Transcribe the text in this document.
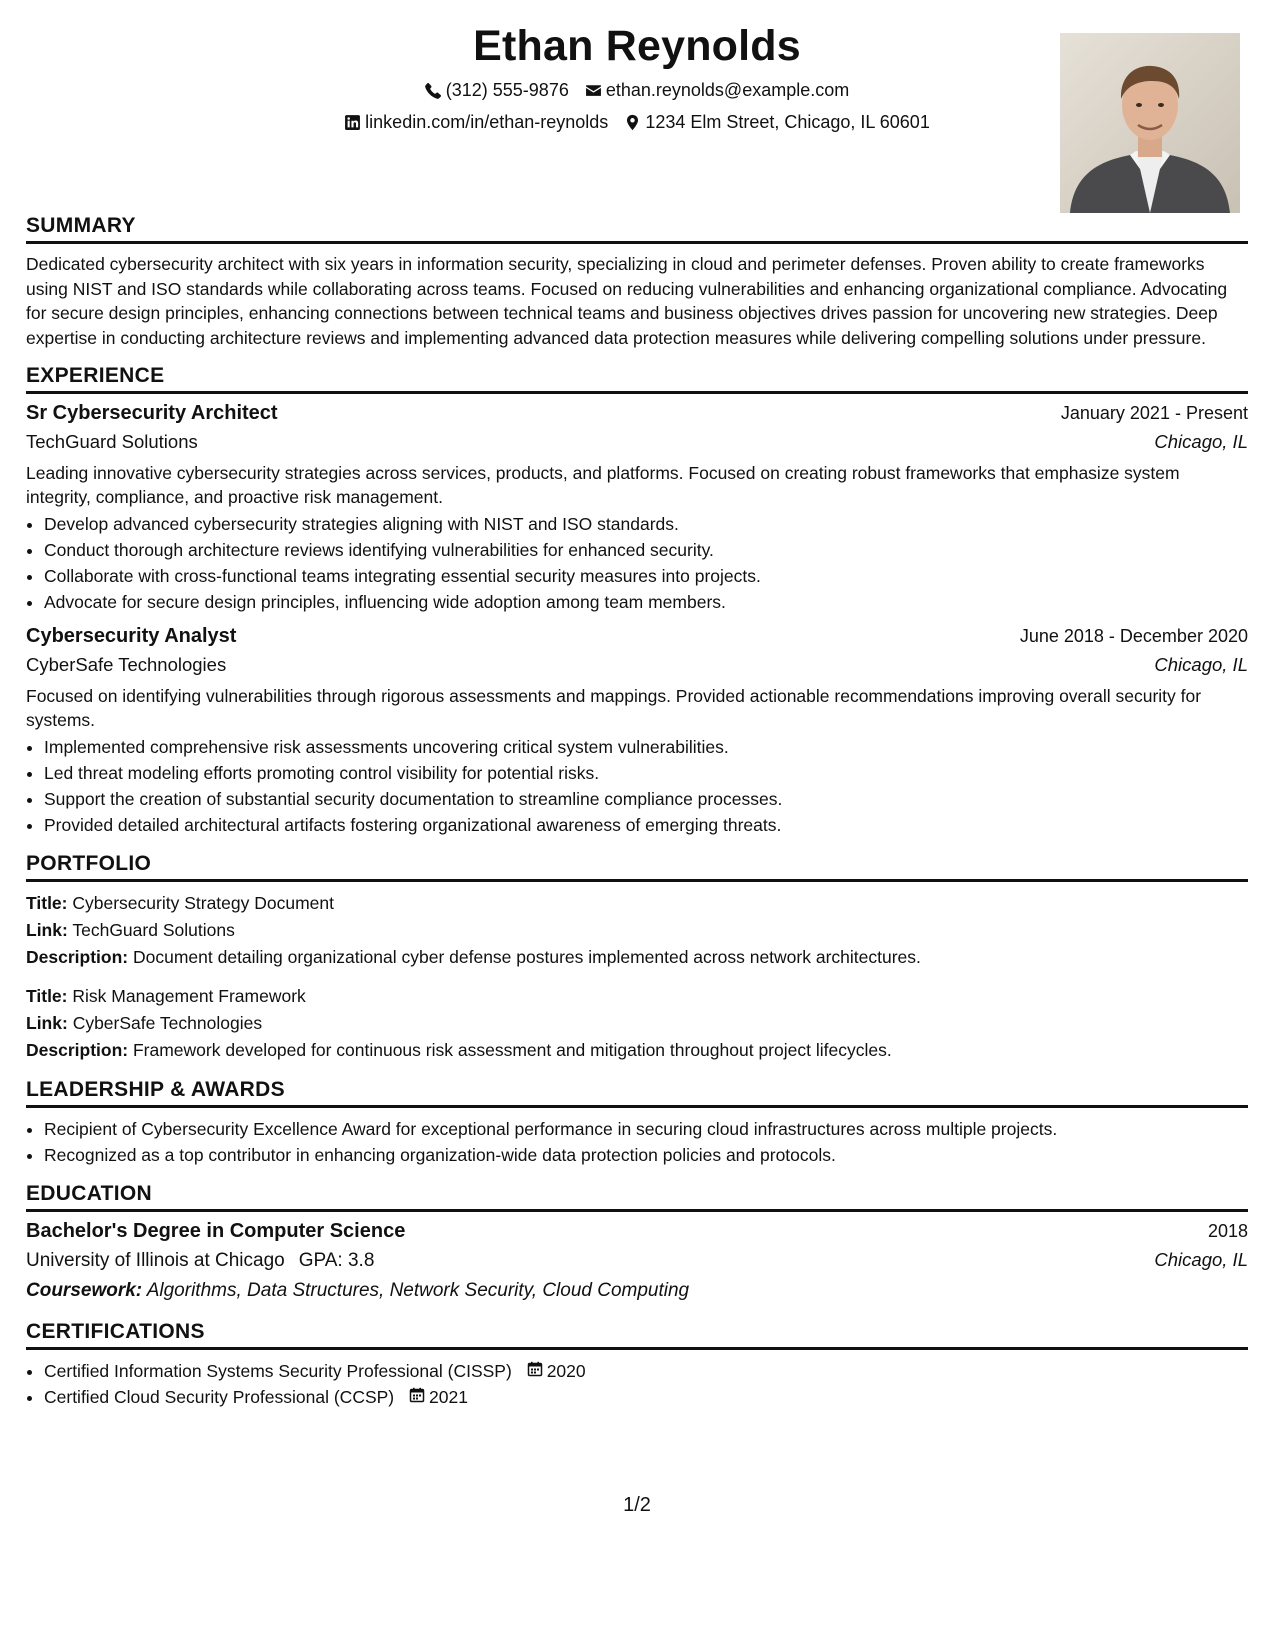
Ethan Reynolds
(312) 555-9876 ethan.reynolds@example.com
linkedin.com/in/ethan-reynolds 1234 Elm Street, Chicago, IL 60601
SUMMARY

Dedicated cybersecurity architect with six years in information security, specializing in cloud and perimeter defenses. Proven ability to create frameworks using NIST and ISO standards while collaborating across teams. Focused on reducing vulnerabilities and enhancing organizational compliance. Advocating for secure design principles, enhancing connections between technical teams and business objectives drives passion for uncovering new strategies. Deep expertise in conducting architecture reviews and implementing advanced data protection measures while delivering compelling solutions under pressure.

EXPERIENCE
Sr Cybersecurity Architect	January 2021 - Present
TechGuard Solutions	Chicago, IL
Leading innovative cybersecurity strategies across services, products, and platforms. Focused on creating robust frameworks that emphasize system integrity, compliance, and proactive risk management.
• Develop advanced cybersecurity strategies aligning with NIST and ISO standards.
• Conduct thorough architecture reviews identifying vulnerabilities for enhanced security.
• Collaborate with cross-functional teams integrating essential security measures into projects.
• Advocate for secure design principles, influencing wide adoption among team members.
Cybersecurity Analyst	June 2018 - December 2020
CyberSafe Technologies	Chicago, IL
Focused on identifying vulnerabilities through rigorous assessments and mappings. Provided actionable recommendations improving overall security for systems.
• Implemented comprehensive risk assessments uncovering critical system vulnerabilities.
• Led threat modeling efforts promoting control visibility for potential risks.
• Support the creation of substantial security documentation to streamline compliance processes.
• Provided detailed architectural artifacts fostering organizational awareness of emerging threats.
PORTFOLIO
Title: Cybersecurity Strategy Document
Link: TechGuard Solutions
Description: Document detailing organizational cyber defense postures implemented across network architectures.
Title: Risk Management Framework
Link: CyberSafe Technologies
Description: Framework developed for continuous risk assessment and mitigation throughout project lifecycles.
LEADERSHIP & AWARDS
• Recipient of Cybersecurity Excellence Award for exceptional performance in securing cloud infrastructures across multiple projects.
• Recognized as a top contributor in enhancing organization-wide data protection policies and protocols.
EDUCATION
Bachelor's Degree in Computer Science	2018
University of Illinois at Chicago GPA: 3.8	Chicago, IL
Coursework: Algorithms, Data Structures, Network Security, Cloud Computing
CERTIFICATIONS
• Certified Information Systems Security Professional (CISSP) 2020
• Certified Cloud Security Professional (CCSP) 2021
1/2
